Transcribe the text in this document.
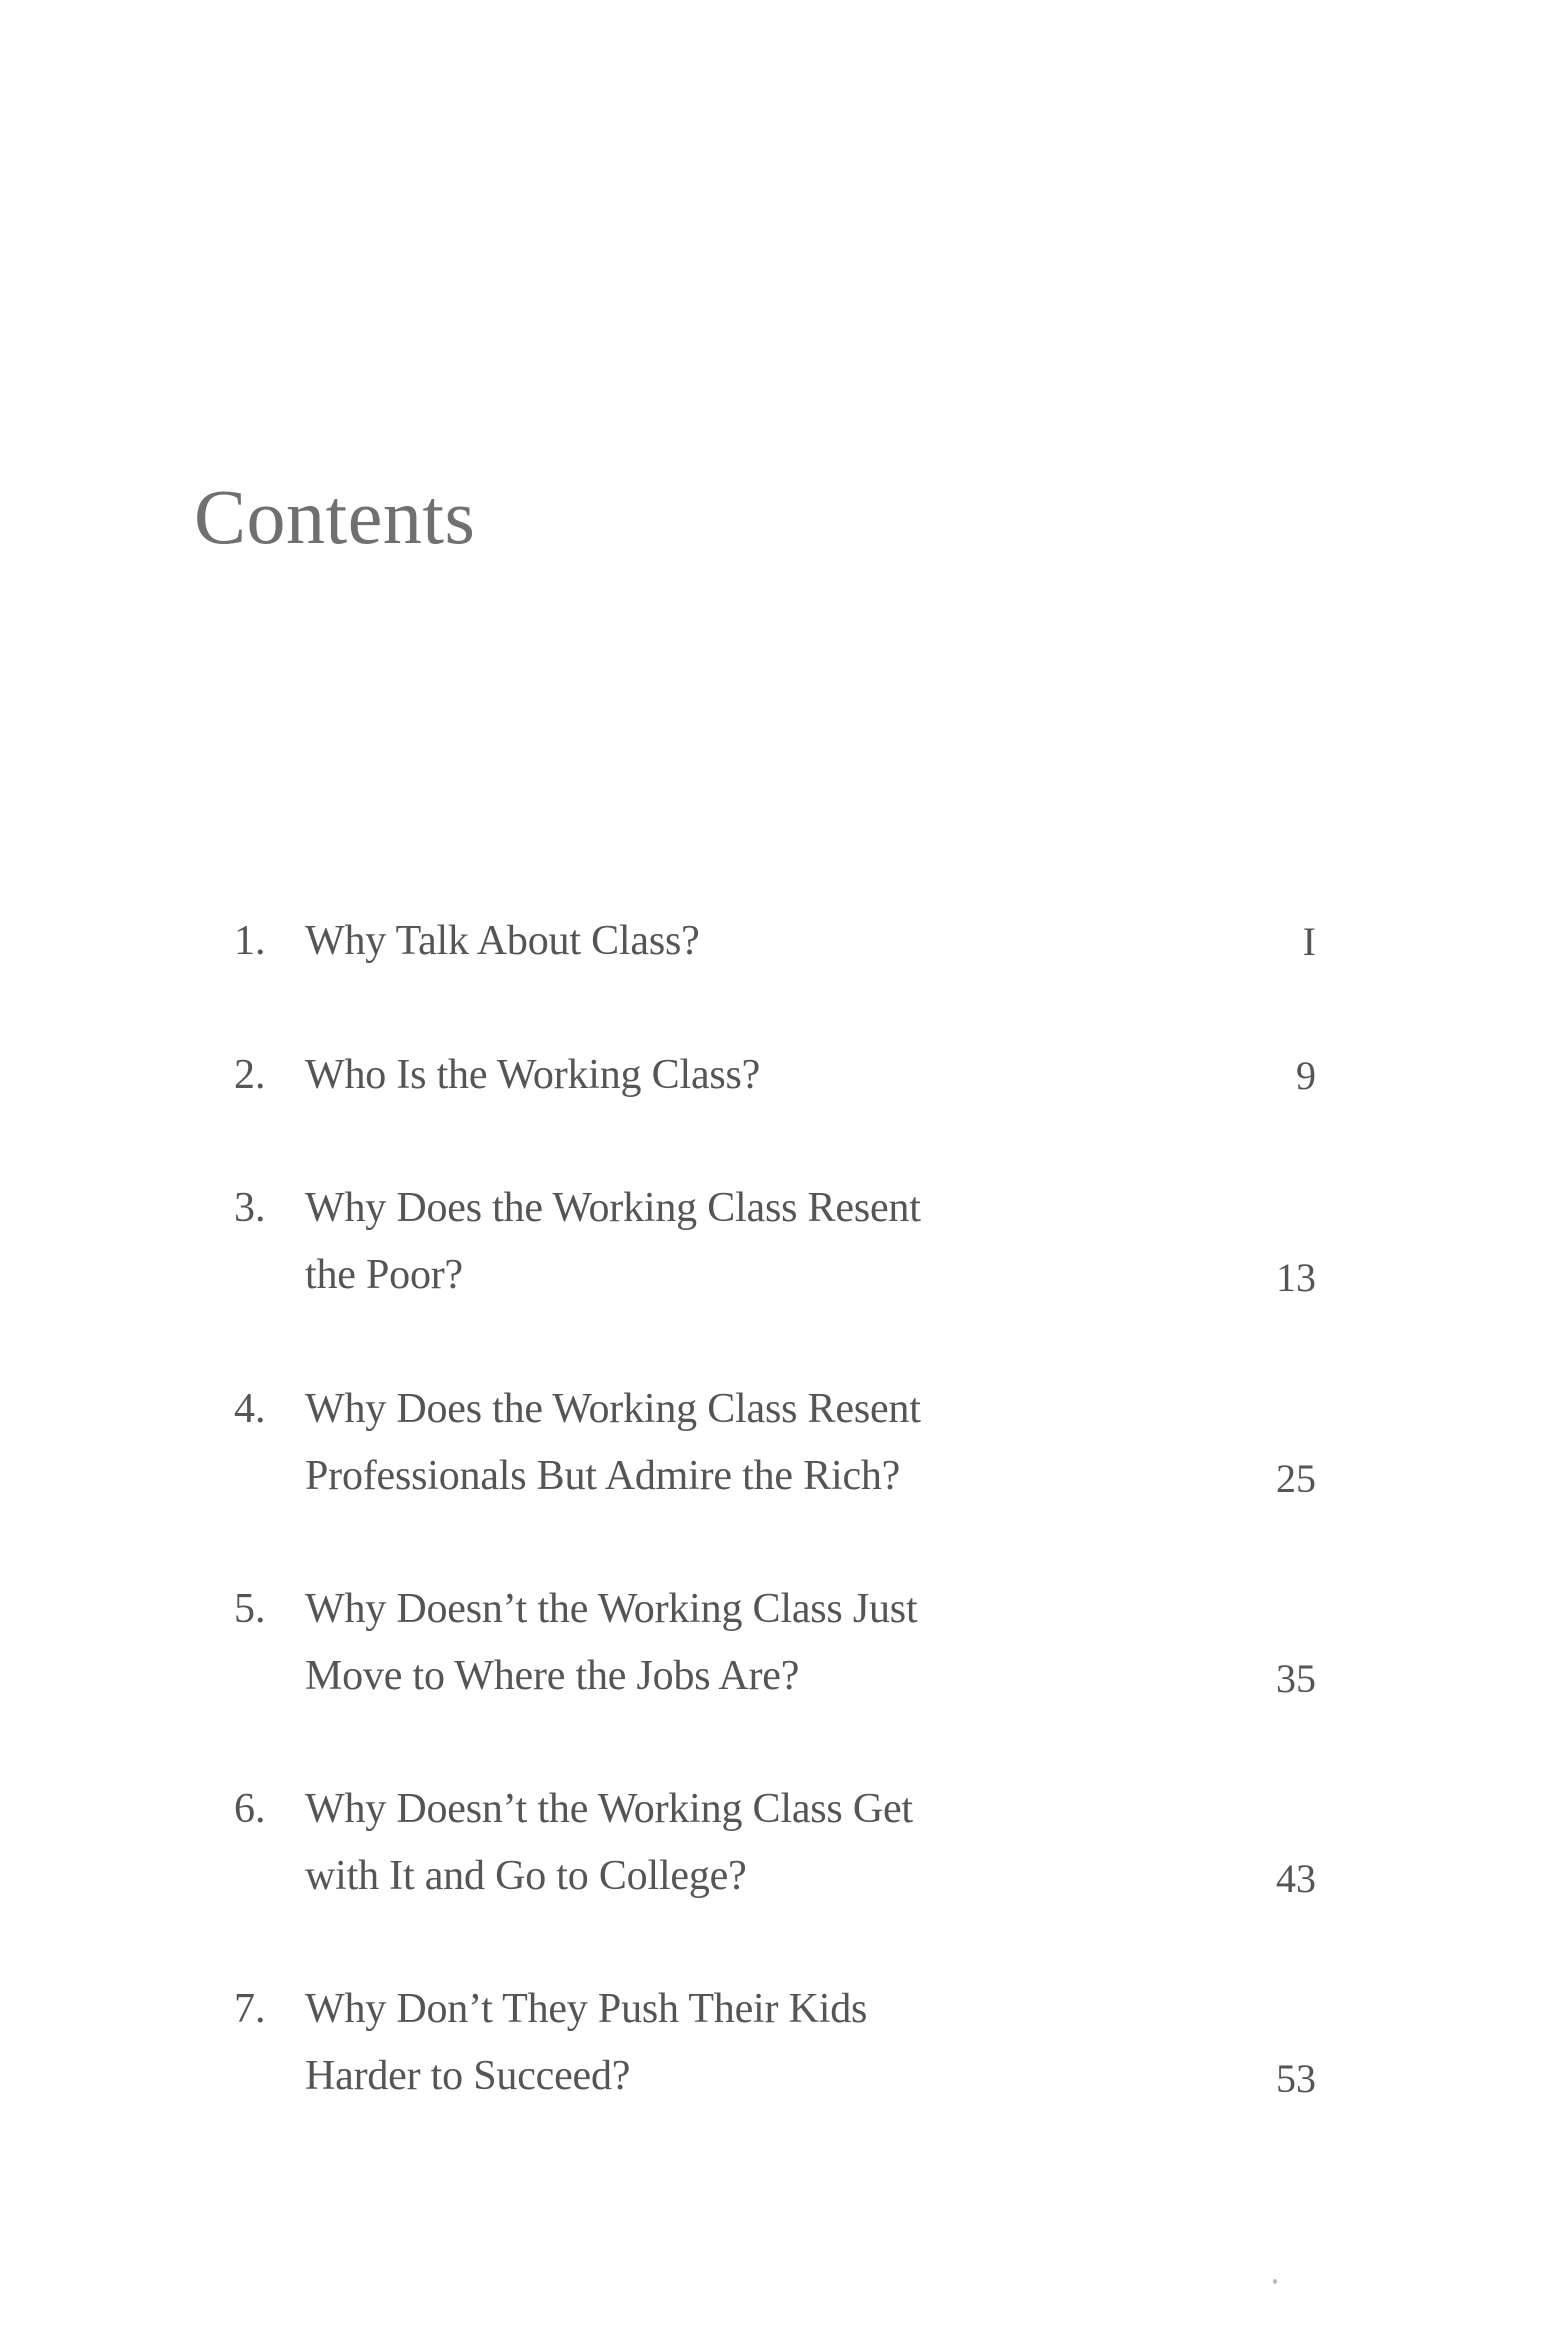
Contents
1. Why Talk About Class?	I
2. Who Is the Working Class?	9
3. Why Does the Working Class Resent
the Poor?	13
4. Why Does the Working Class Resent
Professionals But Admire the Rich?	25
5. Why Doesn’t the Working Class Just
Move to Where the Jobs Are?	35
6. Why Doesn’t the Working Class Get
with It and Go to College?	43
7. Why Don’t They Push Their Kids
Harder to Succeed?	53
